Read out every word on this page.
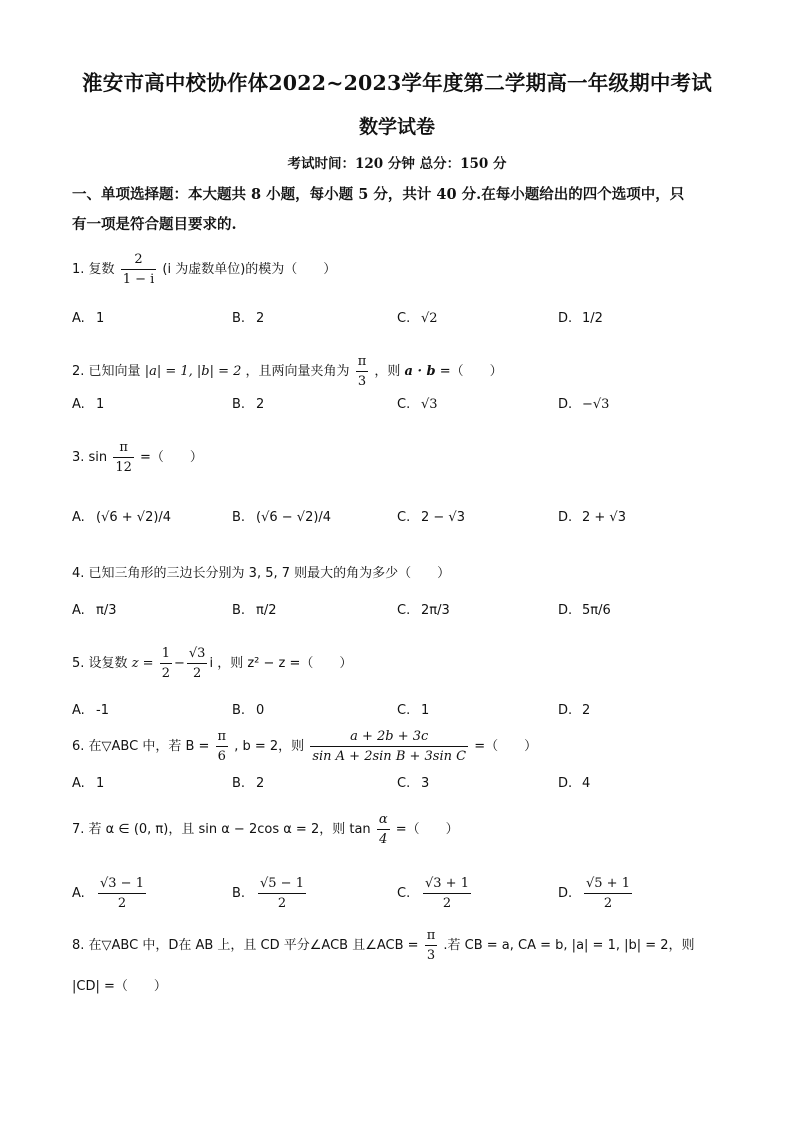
淮安市高中校协作体2022~2023学年度第二学期高一年级期中考试
数学试卷
考试时间：120 分钟 总分：150 分
一、单项选择题：本大题共 8 小题，每小题 5 分，共计 40 分.在每小题给出的四个选项中，只
有一项是符合题目要求的.
1. 复数 $\frac{2}{1 - i} (i$ 为虚数单位)的模为（　　）
A. 1	B. 2	C. √2	D. 1/2
2. 已知向量 |a| = 1, |b| = 2 ，且两向量夹角为 $\frac{\pi}{3}$ ，则 a · b =（　　）
A. 1	B. 2	C. √3	D. −√3
3. $\sin \frac{\pi}{12}$ =（　　）
A. (√6 + √2)/4	B. (√6 − √2)/4	C. 2 − √3	D. 2 + √3
4. 已知三角形的三边长分别为 3, 5, 7 则最大的角为多少（　　）
A. π/3	B. π/2	C. 2π/3	D. 5π/6
5. 设复数 $z = \frac{1}{2} - \frac{√3}{2}$ i ，则 z² − z =（　　）
A. -1	B. 0	C. 1	D. 2
6. 在▽ABC 中，若 $B = \frac{\pi}{6}$ , b = 2，则 $\frac{a + 2b + 3c}{\text{sin A + 2sin B + 3sin C}}$ =（　　）
A. 1	B. 2	C. 3	D. 4
7. 若 α ∈ (0, π)，且 sin α − 2cos α = 2，则 $\tan \frac{\alpha}{4}$ =（　　）
A. $\frac{√3 - 1}{2}$	B. $\frac{√5 - 1}{2}$	C. $\frac{√3 + 1}{2}$	D. $\frac{√5 + 1}{2}$
8. 在▽ABC 中，D在 AB 上，且 CD 平分∠ACB 且∠ACB = $\frac{\pi}{3}$ .若 CB = a, CA = b, |a| = 1, |b| = 2，则
|CD| =（　　）
